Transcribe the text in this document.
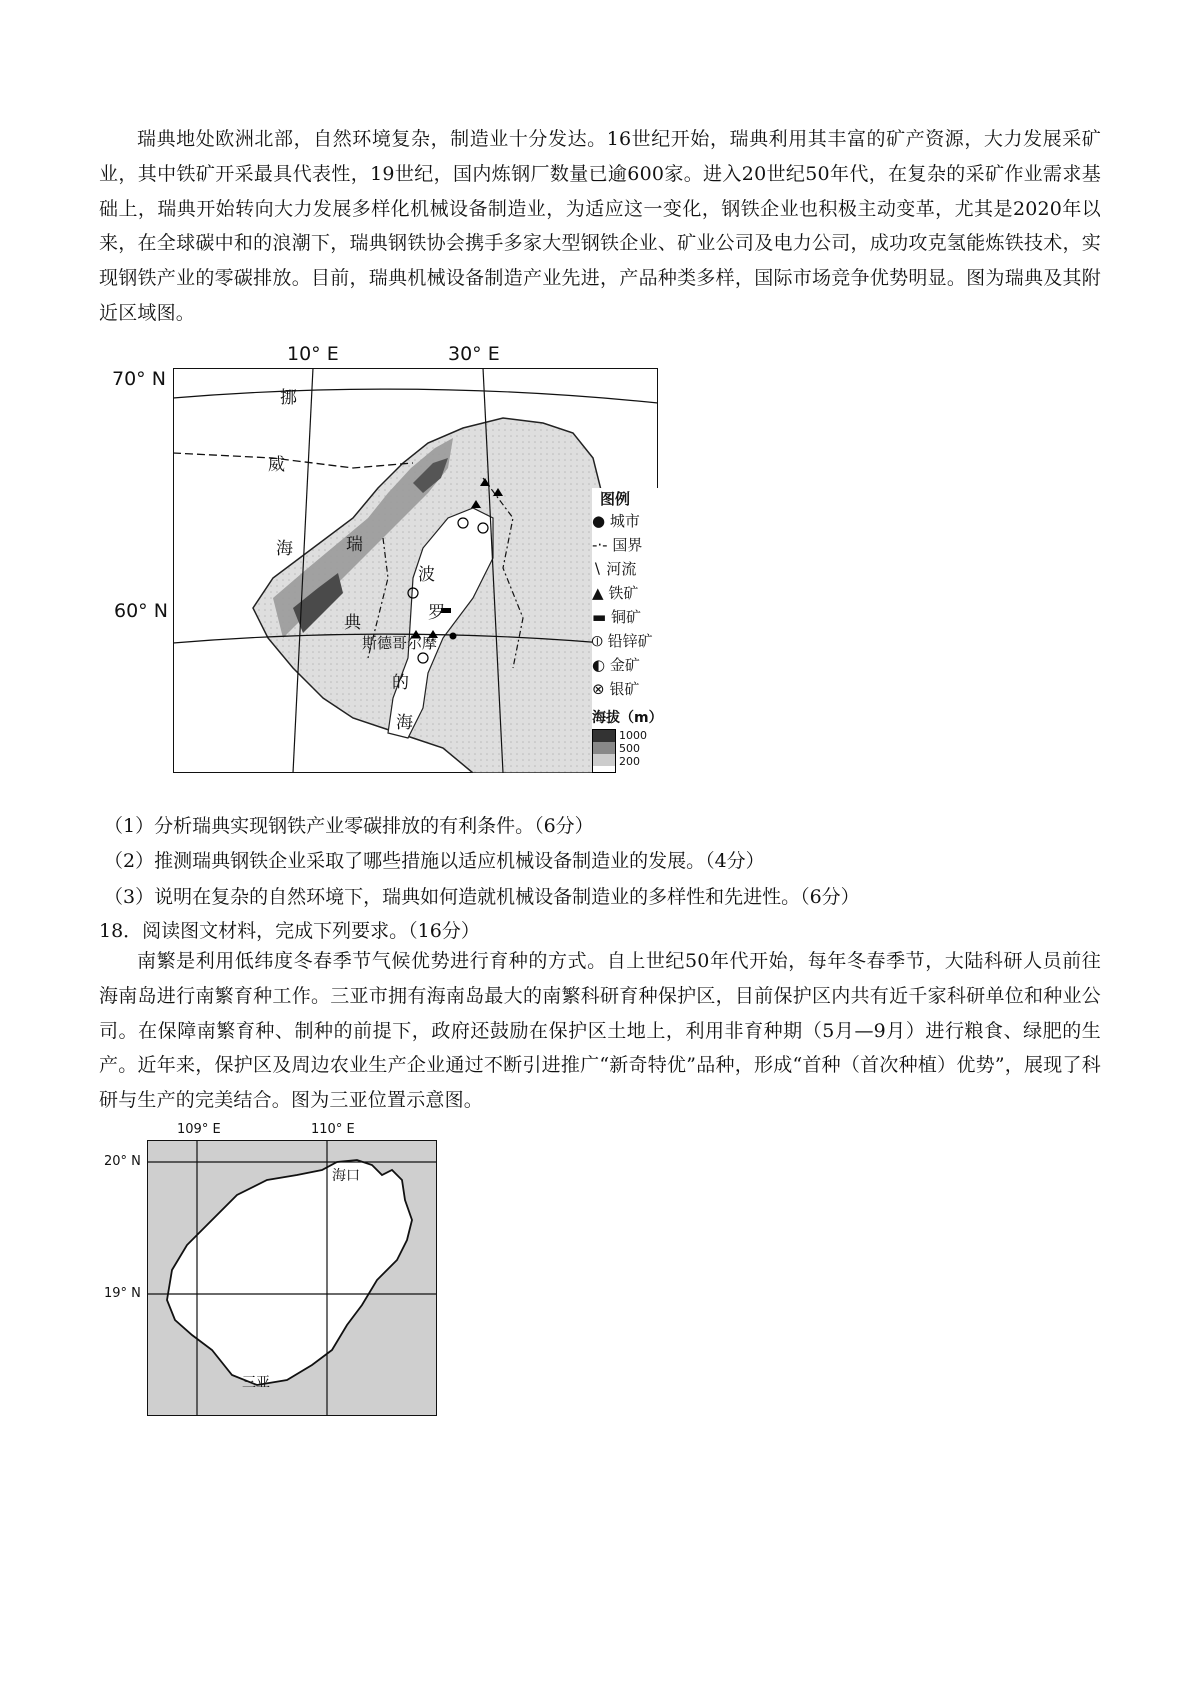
瑞典地处欧洲北部，自然环境复杂，制造业十分发达。16世纪开始，瑞典利用其丰富的矿产资源，大力发展采矿业，其中铁矿开采最具代表性，19世纪，国内炼钢厂数量已逾600家。进入20世纪50年代，在复杂的采矿作业需求基础上，瑞典开始转向大力发展多样化机械设备制造业，为适应这一变化，钢铁企业也积极主动变革，尤其是2020年以来，在全球碳中和的浪潮下，瑞典钢铁协会携手多家大型钢铁企业、矿业公司及电力公司，成功攻克氢能炼铁技术，实现钢铁产业的零碳排放。目前，瑞典机械设备制造产业先进，产品种类多样，国际市场竞争优势明显。图为瑞典及其附近区域图。
10° E	30° E
70° N
60° N
挪
威
海	瑞
典
波
罗
的
海
斯德哥尔摩
图例
● 城市
-·- 国界
∖ 河流
▲ 铁矿
▬ 铜矿
⦶ 铅锌矿
◐ 金矿
⊗ 银矿
海拔（m）
1000
500
200
（1）分析瑞典实现钢铁产业零碳排放的有利条件。（6分）
（2）推测瑞典钢铁企业采取了哪些措施以适应机械设备制造业的发展。（4分）
（3）说明在复杂的自然环境下，瑞典如何造就机械设备制造业的多样性和先进性。（6分）
18．阅读图文材料，完成下列要求。（16分）
南繁是利用低纬度冬春季节气候优势进行育种的方式。自上世纪50年代开始，每年冬春季节，大陆科研人员前往海南岛进行南繁育种工作。三亚市拥有海南岛最大的南繁科研育种保护区，目前保护区内共有近千家科研单位和种业公司。在保障南繁育种、制种的前提下，政府还鼓励在保护区土地上，利用非育种期（5月—9月）进行粮食、绿肥的生产。近年来，保护区及周边农业生产企业通过不断引进推广“新奇特优”品种，形成“首种（首次种植）优势”，展现了科研与生产的完美结合。图为三亚位置示意图。
109° E	110° E
20° N
19° N
海口
三亚
